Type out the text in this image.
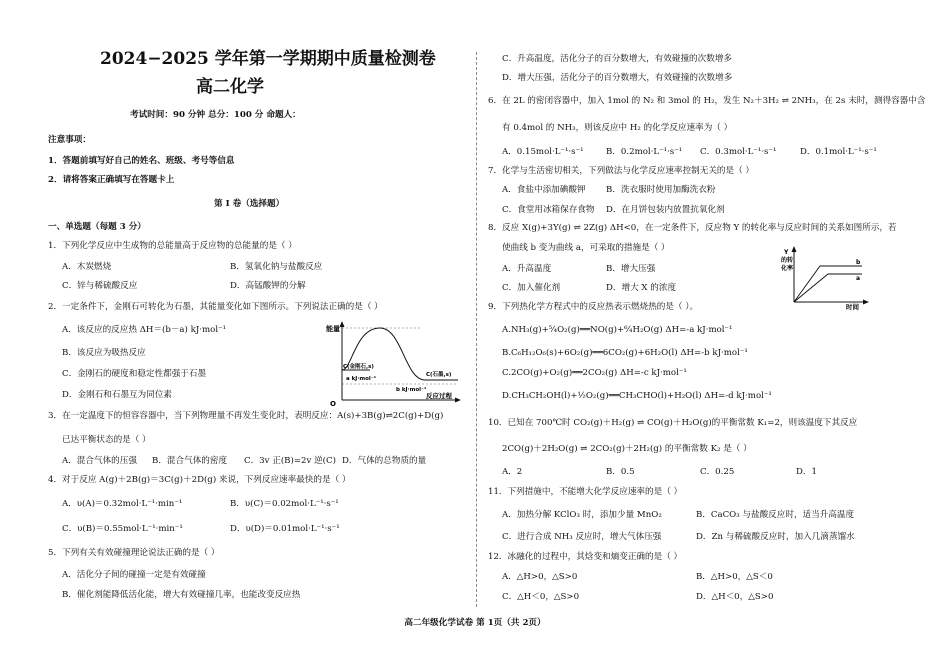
2024−2025 学年第一学期期中质量检测卷
高二化学
考试时间：90 分钟 总分：100 分 命题人：
注意事项：
1．答题前填写好自己的姓名、班级、考号等信息
2．请将答案正确填写在答题卡上
第 I 卷（选择题）
一、单选题（每题 3 分）
1．下列化学反应中生成物的总能量高于反应物的总能量的是（ ）
A．木炭燃烧	B．氢氧化钠与盐酸反应
C．锌与稀硫酸反应	D．高锰酸钾的分解
2．一定条件下，金刚石可转化为石墨，其能量变化如下图所示。下列说法正确的是（ ）
A．该反应的反应热 ΔH＝(b－a) kJ·mol⁻¹
B．该反应为吸热反应
C．金刚石的硬度和稳定性都强于石墨
D．金刚石和石墨互为同位素
O
能量
反应过程
C(金刚石,s)
a kJ·mol⁻¹
C(石墨,s)
b kJ·mol⁻¹
3．在一定温度下的恒容容器中，当下列物理量不再发生变化时，表明反应：A(s)+3B(g)⇌2C(g)+D(g)
已达平衡状态的是（ ）
A．混合气体的压强 B．混合气体的密度 C．3v 正(B)=2v 逆(C) D．气体的总物质的量
4．对于反应 A(g)＋2B(g)＝3C(g)＋2D(g) 来说，下列反应速率最快的是（ ）
A．υ(A)＝0.32mol·L⁻¹·min⁻¹	B．υ(C)＝0.02mol·L⁻¹·s⁻¹
C．υ(B)＝0.55mol·L⁻¹·min⁻¹	D．υ(D)＝0.01mol·L⁻¹·s⁻¹
5．下列有关有效碰撞理论说法正确的是（ ）
A．活化分子间的碰撞一定是有效碰撞
B．催化剂能降低活化能，增大有效碰撞几率，也能改变反应热
C．升高温度，活化分子的百分数增大，有效碰撞的次数增多
D．增大压强，活化分子的百分数增大，有效碰撞的次数增多
6．在 2L 的密闭容器中，加入 1mol 的 N₂ 和 3mol 的 H₂，发生 N₂＋3H₂ ⇌ 2NH₃，在 2s 末时，测得容器中含
有 0.4mol 的 NH₃，则该反应中 H₂ 的化学反应速率为（ ）
A．0.15mol·L⁻¹·s⁻¹	B．0.2mol·L⁻¹·s⁻¹ C．0.3mol·L⁻¹·s⁻¹	D．0.1mol·L⁻¹·s⁻¹
7．化学与生活密切相关，下列做法与化学反应速率控制无关的是（ ）
A．食盐中添加碘酸钾 B．洗衣服时使用加酶洗衣粉
C．食堂用冰箱保存食物 D．在月饼包装内放置抗氧化剂
8．反应 X(g)+3Y(g) ⇌ 2Z(g) ΔH<0，在一定条件下，反应物 Y 的转化率与反应时间的关系如图所示，若
使曲线 b 变为曲线 a，可采取的措施是（ ）
A．升高温度	B．增大压强
C．加入催化剂	D．增大 X 的浓度
Y
的转
化率
时间
b
a
9．下列热化学方程式中的反应热表示燃烧热的是（ ）。
A.NH₃(g)+⁵⁄₄O₂(g)══NO(g)+⁶⁄₄H₂O(g) ΔH=-a kJ·mol⁻¹
B.C₆H₁₂O₆(s)+6O₂(g)══6CO₂(g)+6H₂O(l) ΔH=-b kJ·mol⁻¹
C.2CO(g)+O₂(g)══2CO₂(g) ΔH=-c kJ·mol⁻¹
D.CH₃CH₂OH(l)+½O₂(g)══CH₃CHO(l)+H₂O(l) ΔH=-d kJ·mol⁻¹
10．已知在 700℃时 CO₂(g)＋H₂(g) ⇌ CO(g)＋H₂O(g)的平衡常数 K₁=2，则该温度下其反应
2CO(g)＋2H₂O(g) ⇌ 2CO₂(g)＋2H₂(g) 的平衡常数 K₂ 是（ ）
A．2	B．0.5	C．0.25	D．1
11．下列措施中，不能增大化学反应速率的是（ ）
A．加热分解 KClO₃ 时，添加少量 MnO₂	B．CaCO₃ 与盐酸反应时，适当升高温度
C．进行合成 NH₃ 反应时，增大气体压强	D．Zn 与稀硫酸反应时，加入几滴蒸馏水
12．冰融化的过程中，其焓变和熵变正确的是（ ）
A．△H>0，△S>0	B．△H>0，△S＜0
C．△H＜0，△S>0	D．△H＜0，△S>0
高二年级化学试卷 第 1页（共 2页）
